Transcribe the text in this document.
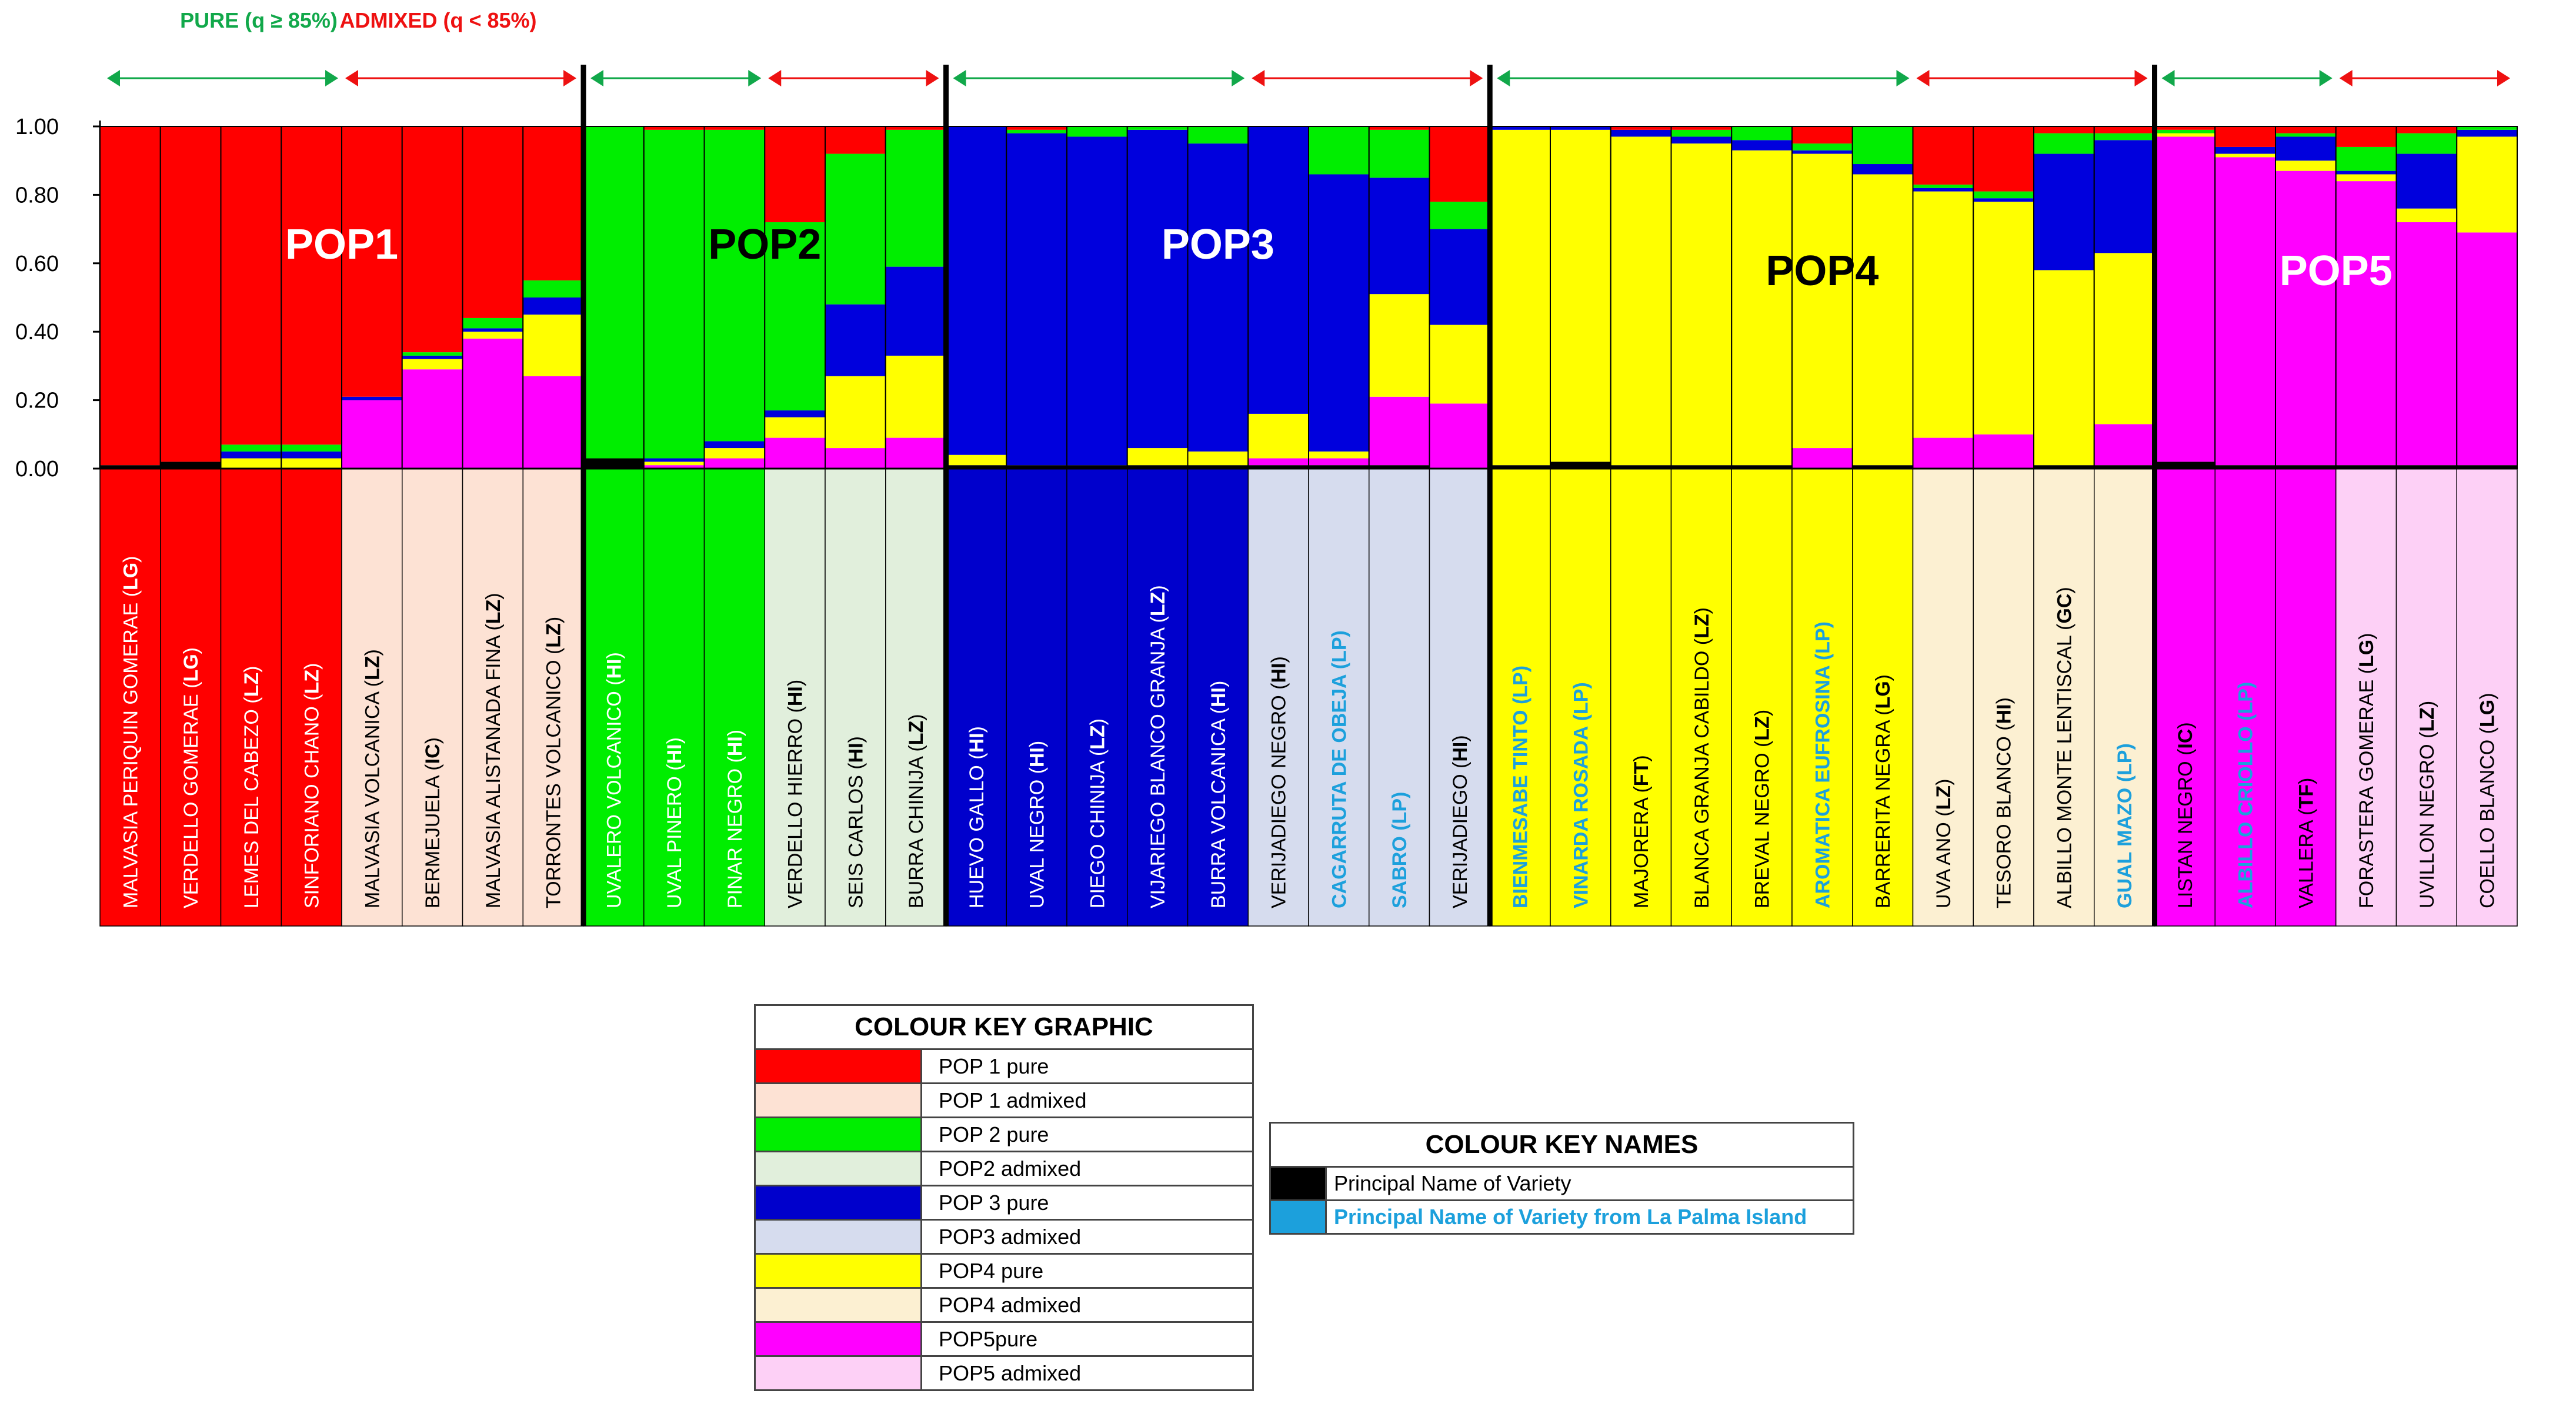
PURE (q ≥ 85%) ADMIXED (q < 85%)
0.00
0.20
0.40
0.60
0.80
1.00
MALVASIA PERIQUIN GOMERAE (LG)
VERDELLO GOMERAE (LG)
LEMES DEL CABEZO (LZ)
SINFORIANO CHANO (LZ)
MALVASIA VOLCANICA (LZ)
BERMEJUELA (IC) MALVASIA ALISTANADA FINA (LZ)
TORRONTES VOLCANICO (LZ)
UVALERO VOLCANICO (HI)
UVAL PINERO (HI)
PINAR NEGRO (HI) VERDELLO HIERRO (HI)
SEIS CARLOS (HI)
BURRA CHINIJA (LZ)
HUEVO GALLO (HI)
UVAL NEGRO (HI)
DIEGO CHINIJA (LZ) VIJARIEGO BLANCO GRANJA (LZ)
BURRA VOLCANICA (HI) VERIJADIEGO NEGRO (HI)
CAGARRUTA DE OBEJA (LP)
SABRO (LP) VERIJADIEGO (HI) BIENMESABE TINTO (LP)
VINARDA ROSADA (LP)
MAJORERA (FT) BLANCA GRANJA CABILDO (LZ)
BREVAL NEGRO (LZ) AROMATICA EUFROSINA (LP)
BARRERITA NEGRA (LG)
UVA ANO (LZ) TESORO BLANCO (HI) ALBILLO MONTE LENTISCAL (GC)
GUAL MAZO (LP)
LISTAN NEGRO (IC) ALBILLO CRIOLLO (LP)
VALLERA (TF) FORASTERA GOMERAE (LG)
UVILLON NEGRO (LZ)
COELLO BLANCO (LG)
POP1	POP2	POP3
POP4	POP5
COLOUR KEY GRAPHIC	
	POP 1 pure
	POP 1 admixed
	POP 2 pure
	POP2 admixed
	POP 3 pure
	POP3 admixed
	POP4 pure
	POP4 admixed
	POP5pure
	POP5 admixed
COLOUR KEY NAMES	
	Principal Name of Variety
	Principal Name of Variety from La Palma Island
